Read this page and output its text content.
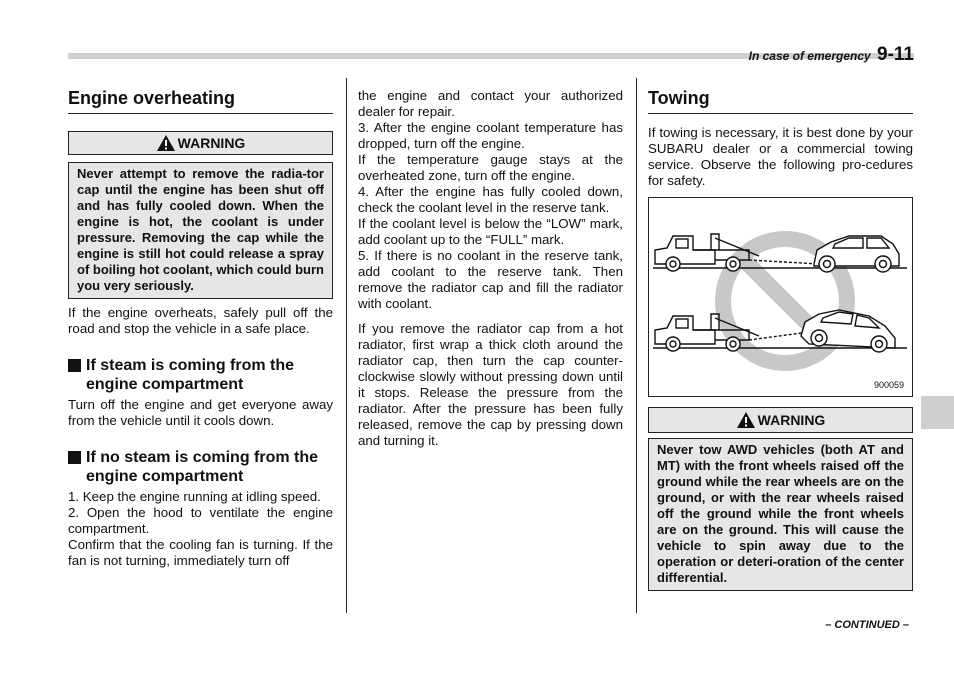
In case of emergency 9-11
Engine overheating
WARNING
Never attempt to remove the radia-tor cap until the engine has been shut off and has fully cooled down. When the engine is hot, the coolant is under pressure. Removing the cap while the engine is still hot could release a spray of boiling hot coolant, which could burn you very seriously.

If the engine overheats, safely pull off the road and stop the vehicle in a safe place.

If steam is coming from the engine compartment

Turn off the engine and get everyone away from the vehicle until it cools down.

If no steam is coming from the engine compartment

1. Keep the engine running at idling speed.

2. Open the hood to ventilate the engine compartment.

Confirm that the cooling fan is turning. If the fan is not turning, immediately turn off

the engine and contact your authorized dealer for repair.

3. After the engine coolant temperature has dropped, turn off the engine.

If the temperature gauge stays at the overheated zone, turn off the engine.

4. After the engine has fully cooled down, check the coolant level in the reserve tank.

If the coolant level is below the “LOW” mark, add coolant up to the “FULL” mark.

5. If there is no coolant in the reserve tank, add coolant to the reserve tank. Then remove the radiator cap and fill the radiator with coolant.

If you remove the radiator cap from a hot radiator, first wrap a thick cloth around the radiator cap, then turn the cap counter-clockwise slowly without pressing down until it stops. Release the pressure from the radiator. After the pressure has been fully released, remove the cap by pressing down and turning it.

Towing

If towing is necessary, it is best done by your SUBARU dealer or a commercial towing service. Observe the following pro-cedures for safety.

900059
WARNING
Never tow AWD vehicles (both AT and MT) with the front wheels raised off the ground while the rear wheels are on the ground, or with the rear wheels raised off the ground while the front wheels are on the ground. This will cause the vehicle to spin away due to the operation or deteri-oration of the center differential.
– CONTINUED –
